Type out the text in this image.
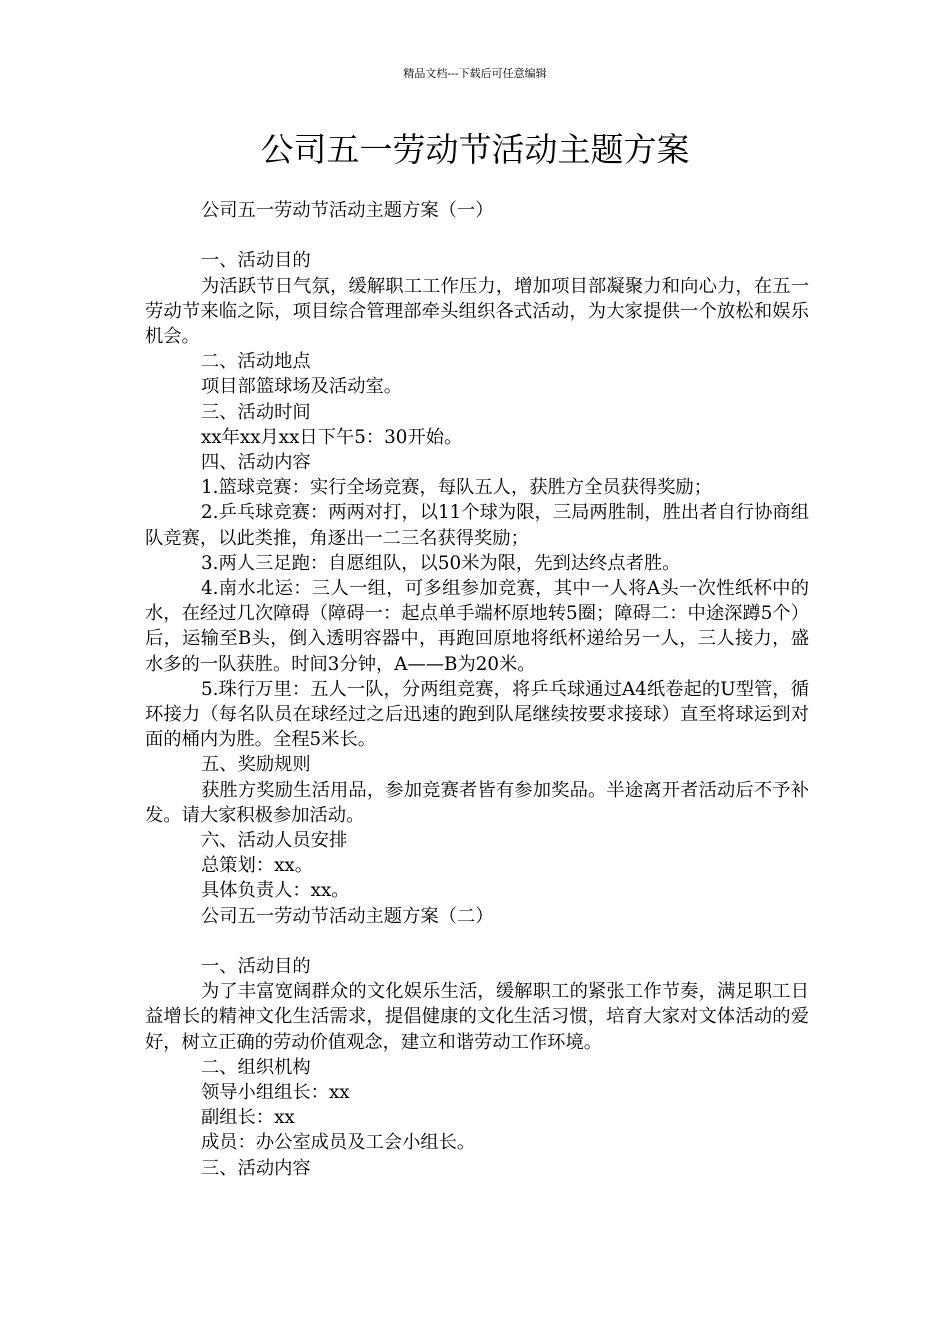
精品文档---下载后可任意编辑
公司五一劳动节活动主题方案

公司五一劳动节活动主题方案（一）

一、活动目的

为活跃节日气氛，缓解职工工作压力，增加项目部凝聚力和向心力，在五一劳动节来临之际，项目综合管理部牵头组织各式活动，为大家提供一个放松和娱乐机会。

二、活动地点

项目部篮球场及活动室。

三、活动时间

xx年xx月xx日下午5：30开始。

四、活动内容

1.篮球竞赛：实行全场竞赛，每队五人，获胜方全员获得奖励；

2.乒乓球竞赛：两两对打，以11个球为限，三局两胜制，胜出者自行协商组队竞赛，以此类推，角逐出一二三名获得奖励；

3.两人三足跑：自愿组队，以50米为限，先到达终点者胜。

4.南水北运：三人一组，可多组参加竞赛，其中一人将A头一次性纸杯中的水，在经过几次障碍（障碍一：起点单手端杯原地转5圈；障碍二：中途深蹲5个）后，运输至B头，倒入透明容器中，再跑回原地将纸杯递给另一人，三人接力，盛水多的一队获胜。时间3分钟，A——B为20米。

5.珠行万里：五人一队，分两组竞赛，将乒乓球通过A4纸卷起的U型管，循环接力（每名队员在球经过之后迅速的跑到队尾继续按要求接球）直至将球运到对面的桶内为胜。全程5米长。

五、奖励规则

获胜方奖励生活用品，参加竞赛者皆有参加奖品。半途离开者活动后不予补发。请大家积极参加活动。

六、活动人员安排

总策划：xx。

具体负责人：xx。

公司五一劳动节活动主题方案（二）

一、活动目的

为了丰富宽阔群众的文化娱乐生活，缓解职工的紧张工作节奏，满足职工日益增长的精神文化生活需求，提倡健康的文化生活习惯，培育大家对文体活动的爱好，树立正确的劳动价值观念，建立和谐劳动工作环境。

二、组织机构

领导小组组长：xx

副组长：xx

成员：办公室成员及工会小组长。

三、活动内容
